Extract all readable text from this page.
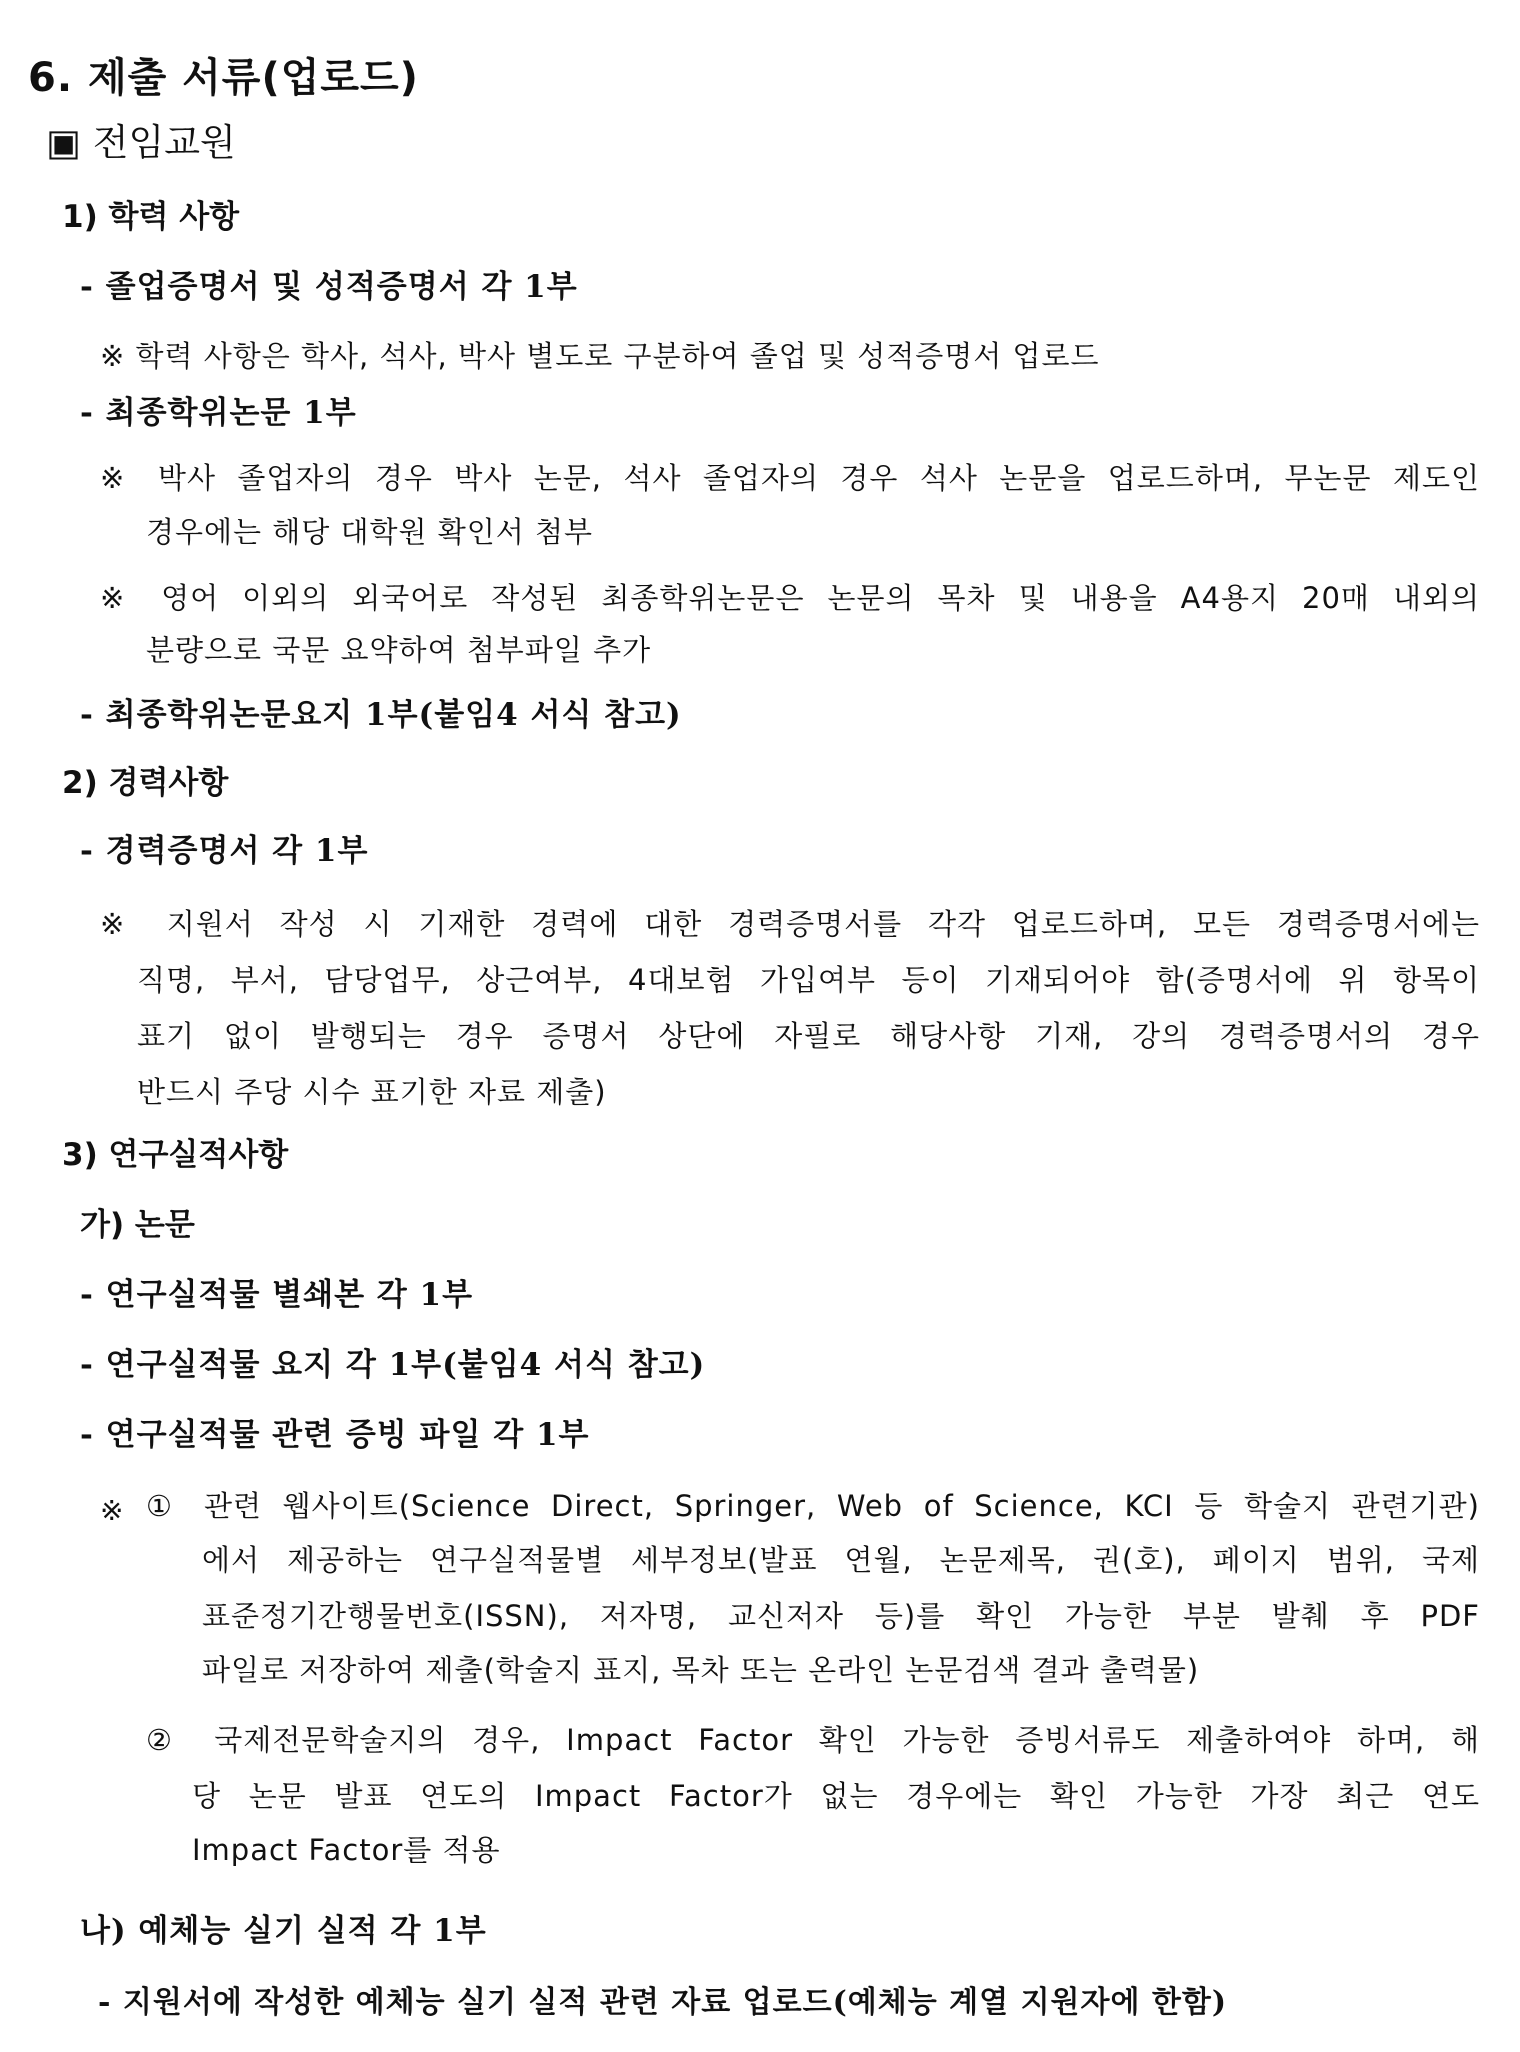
6. 제출 서류(업로드)
▣ 전임교원
1) 학력 사항
- 졸업증명서 및 성적증명서 각 1부
※ 학력 사항은 학사, 석사, 박사 별도로 구분하여 졸업 및 성적증명서 업로드
- 최종학위논문 1부
※ 박사 졸업자의 경우 박사 논문, 석사 졸업자의 경우 석사 논문을 업로드하며, 무논문 제도인
경우에는 해당 대학원 확인서 첨부
※ 영어 이외의 외국어로 작성된 최종학위논문은 논문의 목차 및 내용을 A4용지 20매 내외의
분량으로 국문 요약하여 첨부파일 추가
- 최종학위논문요지 1부(붙임4 서식 참고)
2) 경력사항
- 경력증명서 각 1부
※ 지원서 작성 시 기재한 경력에 대한 경력증명서를 각각 업로드하며, 모든 경력증명서에는
직명, 부서, 담당업무, 상근여부, 4대보험 가입여부 등이 기재되어야 함(증명서에 위 항목이
표기 없이 발행되는 경우 증명서 상단에 자필로 해당사항 기재, 강의 경력증명서의 경우
반드시 주당 시수 표기한 자료 제출)
3) 연구실적사항
가) 논문
- 연구실적물 별쇄본 각 1부
- 연구실적물 요지 각 1부(붙임4 서식 참고)
- 연구실적물 관련 증빙 파일 각 1부
※ ① 관련 웹사이트(Science Direct, Springer, Web of Science, KCI 등 학술지 관련기관)
에서 제공하는 연구실적물별 세부정보(발표 연월, 논문제목, 권(호), 페이지 범위, 국제
표준정기간행물번호(ISSN), 저자명, 교신저자 등)를 확인 가능한 부분 발췌 후 PDF
파일로 저장하여 제출(학술지 표지, 목차 또는 온라인 논문검색 결과 출력물)
② 국제전문학술지의 경우, Impact Factor 확인 가능한 증빙서류도 제출하여야 하며, 해
당 논문 발표 연도의 Impact Factor가 없는 경우에는 확인 가능한 가장 최근 연도
Impact Factor를 적용
나) 예체능 실기 실적 각 1부
- 지원서에 작성한 예체능 실기 실적 관련 자료 업로드(예체능 계열 지원자에 한함)
